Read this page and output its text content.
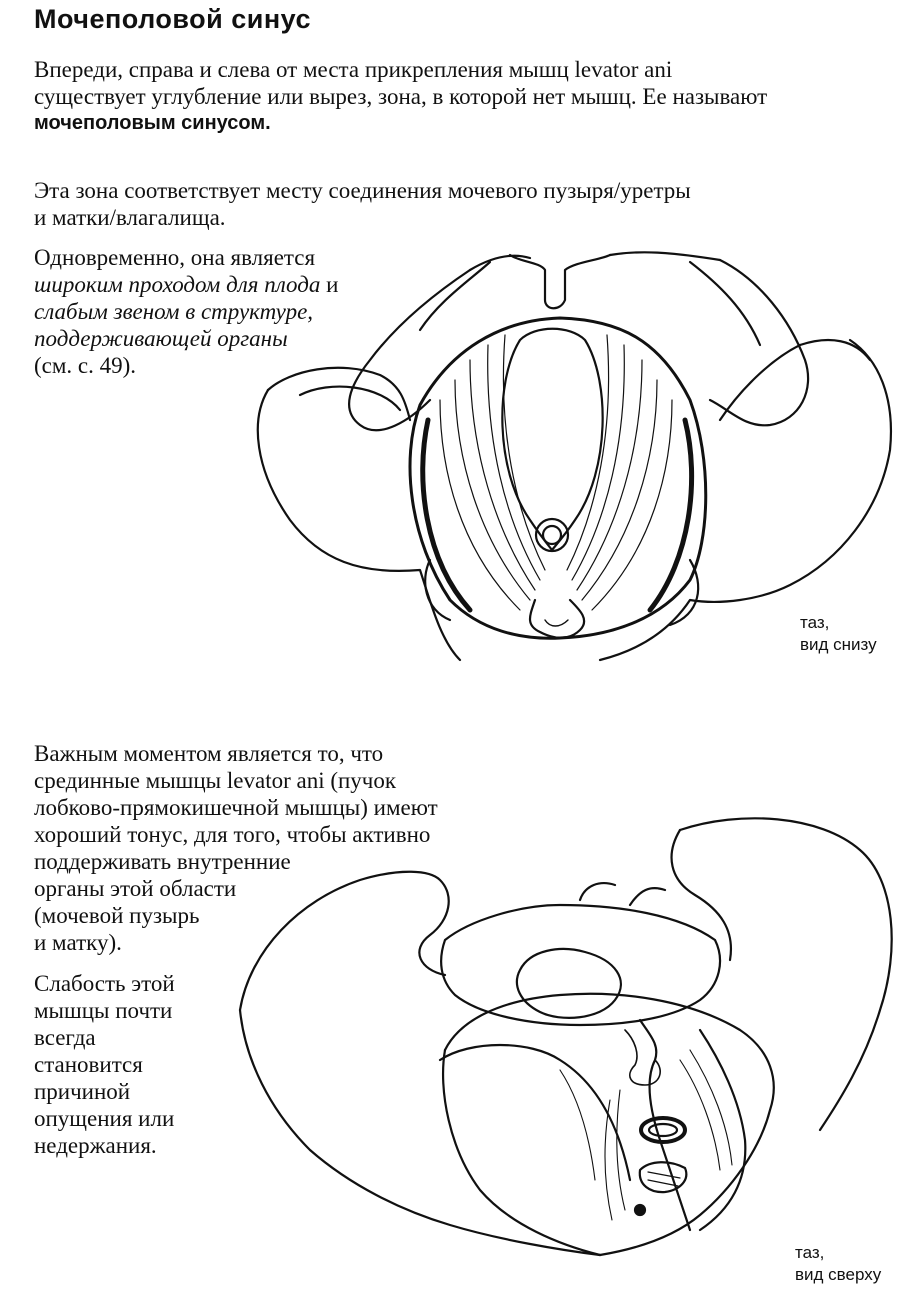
Мочеполовой синус
Впереди, справа и слева от места прикрепления мышц levator ani
существует углубление или вырез, зона, в которой нет мышц. Ее называют
мочеполовым синусом.
Эта зона соответствует месту соединения мочевого пузыря/уретры
и матки/влагалища.
Одновременно, она является
широким проходом для плода и
слабым звеном в структуре,
поддерживающей органы
(см. с. 49).
таз,
вид снизу
Важным моментом является то, что
срединные мышцы levator ani (пучок
лобково-прямокишечной мышцы) имеют
хороший тонус, для того, чтобы активно
поддерживать внутренние
органы этой области
(мочевой пузырь
и матку).
Слабость этой
мышцы почти
всегда
становится
причиной
опущения или
недержания.
таз,
вид сверху
